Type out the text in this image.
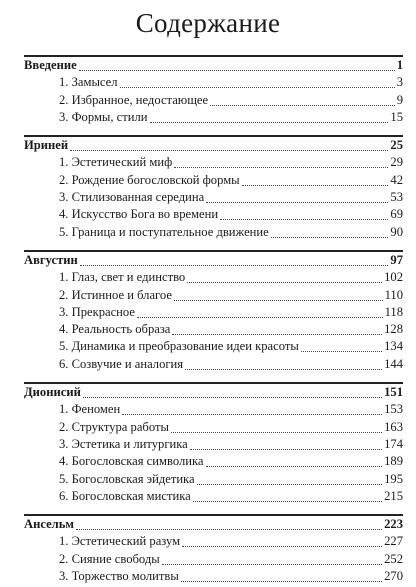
Содержание
Введение	1
1. Замысел	3
2. Избранное, недостающее	9
3. Формы, стили	15
Ириней	25
1. Эстетический миф	29
2. Рождение богословской формы	42
3. Стилизованная середина	53
4. Искусство Бога во времени	69
5. Граница и поступательное движение	90
Августин	97
1. Глаз, свет и единство	102
2. Истинное и благое	110
3. Прекрасное	118
4. Реальность образа	128
5. Динамика и преобразование идеи красоты	134
6. Созвучие и аналогия	144
Дионисий	151
1. Феномен	153
2. Структура работы	163
3. Эстетика и литургика	174
4. Богословская символика	189
5. Богословская эйдетика	195
6. Богословская мистика	215
Ансельм	223
1. Эстетический разум	227
2. Сияние свободы	252
3. Торжество молитвы	270
